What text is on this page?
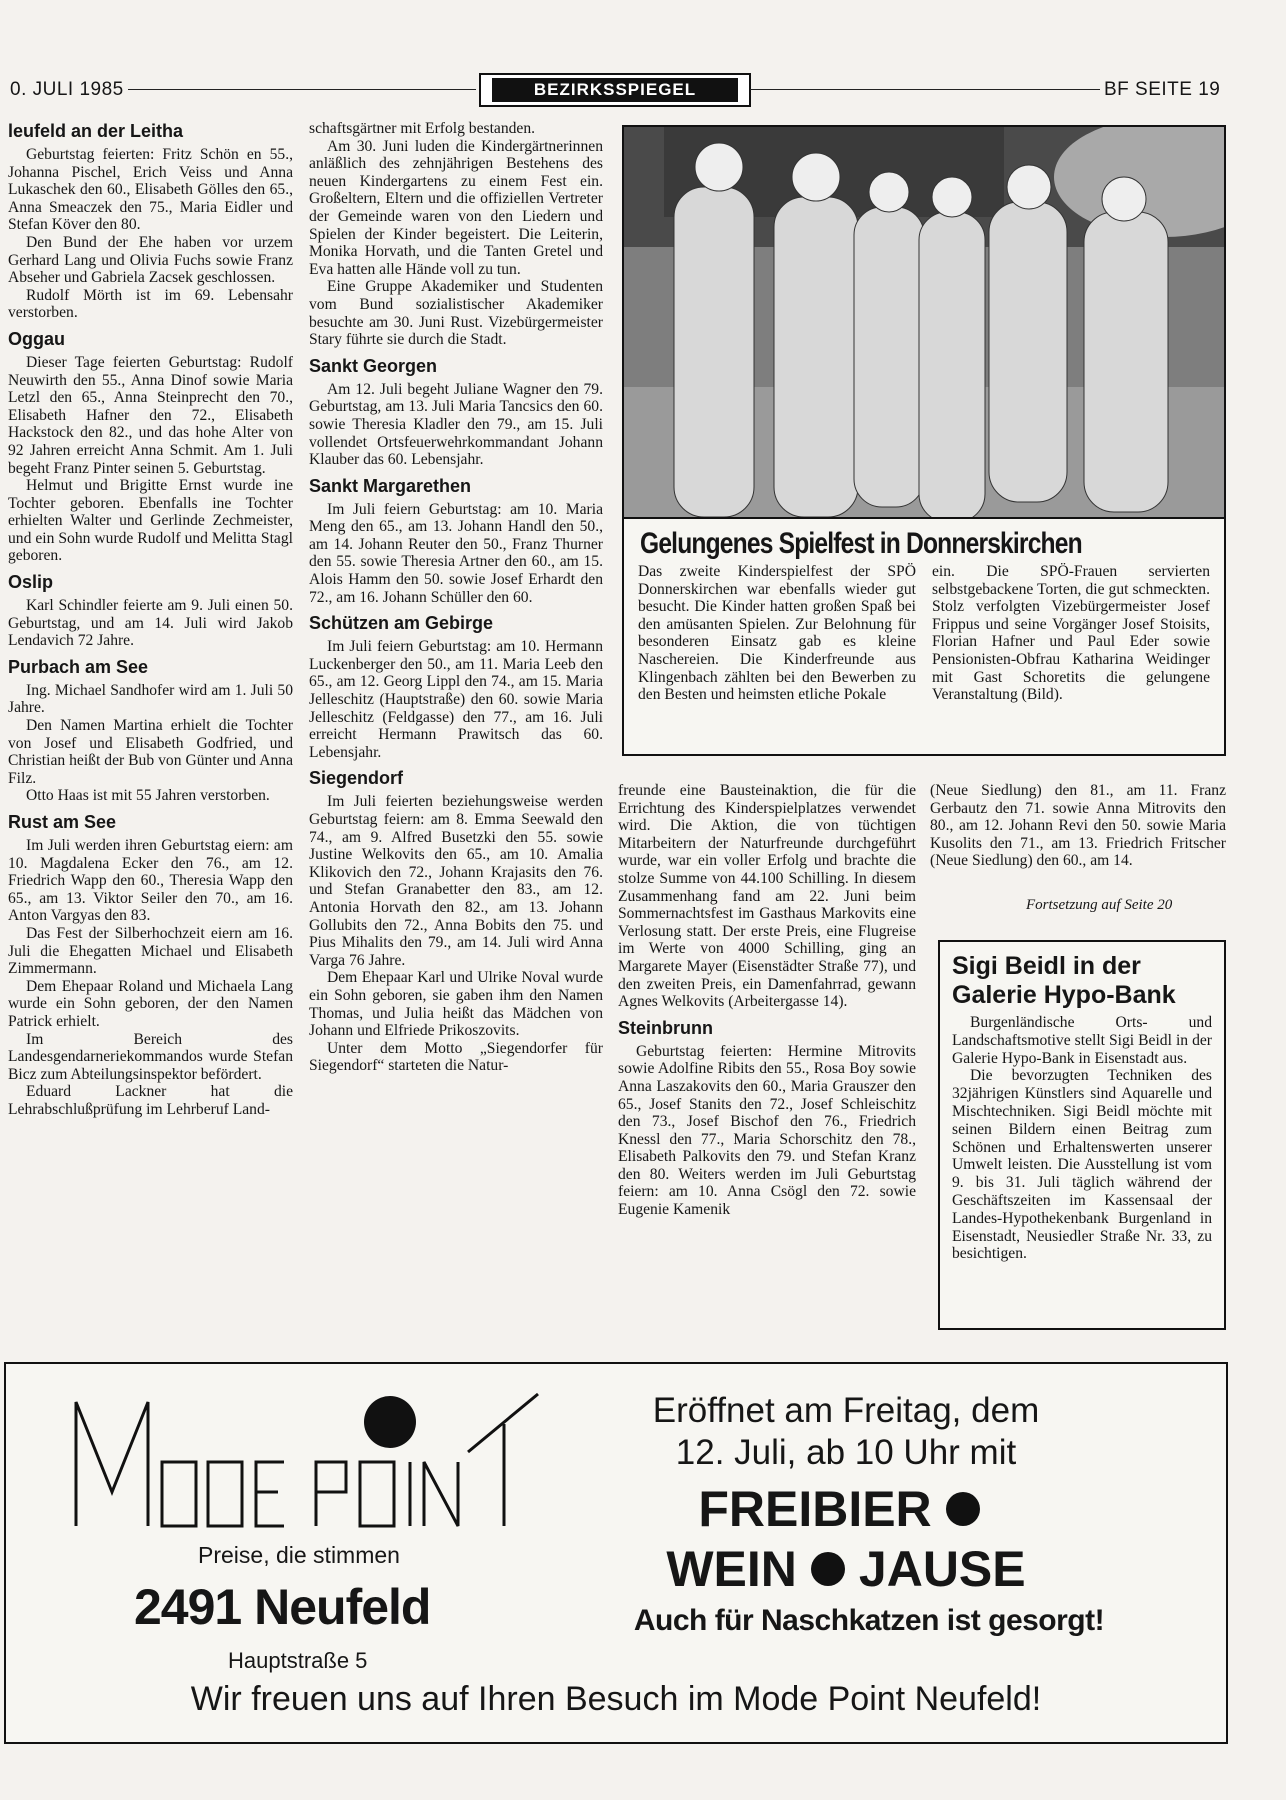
0. JULI 1985	BEZIRKSSPIEGEL	BF SEITE 19
leufeld an der Leitha

Geburtstag feierten: Fritz Schön en 55., Johanna Pischel, Erich Veiss und Anna Lukaschek den 60., Elisabeth Gölles den 65., Anna Smeaczek den 75., Maria Eidler und Stefan Köver den 80.

Den Bund der Ehe haben vor urzem Gerhard Lang und Olivia Fuchs sowie Franz Abseher und Gabriela Zacsek geschlossen.

Rudolf Mörth ist im 69. Lebensahr verstorben.

Oggau

Dieser Tage feierten Geburtstag: Rudolf Neuwirth den 55., Anna Dinof sowie Maria Letzl den 65., Anna Steinprecht den 70., Elisabeth Hafner den 72., Elisabeth Hackstock den 82., und das hohe Alter von 92 Jahren erreicht Anna Schmit. Am 1. Juli begeht Franz Pinter seinen 5. Geburtstag.

Helmut und Brigitte Ernst wurde ine Tochter geboren. Ebenfalls ine Tochter erhielten Walter und Gerlinde Zechmeister, und ein Sohn wurde Rudolf und Melitta Stagl geboren.

Oslip

Karl Schindler feierte am 9. Juli einen 50. Geburtstag, und am 14. Juli wird Jakob Lendavich 72 Jahre.

Purbach am See

Ing. Michael Sandhofer wird am 1. Juli 50 Jahre.

Den Namen Martina erhielt die Tochter von Josef und Elisabeth Godfried, und Christian heißt der Bub von Günter und Anna Filz.

Otto Haas ist mit 55 Jahren verstorben.

Rust am See

Im Juli werden ihren Geburtstag eiern: am 10. Magdalena Ecker den 76., am 12. Friedrich Wapp den 60., Theresia Wapp den 65., am 13. Viktor Seiler den 70., am 16. Anton Vargyas den 83.

Das Fest der Silberhochzeit eiern am 16. Juli die Ehegatten Michael und Elisabeth Zimmermann.

Dem Ehepaar Roland und Michaela Lang wurde ein Sohn geboren, der den Namen Patrick erhielt.

Im Bereich des Landesgendarneriekommandos wurde Stefan Bicz zum Abteilungsinspektor befördert.

Eduard Lackner hat die Lehrabschlußprüfung im Lehrberuf Land-

schaftsgärtner mit Erfolg bestanden.

Am 30. Juni luden die Kindergärtnerinnen anläßlich des zehnjährigen Bestehens des neuen Kindergartens zu einem Fest ein. Großeltern, Eltern und die offiziellen Vertreter der Gemeinde waren von den Liedern und Spielen der Kinder begeistert. Die Leiterin, Monika Horvath, und die Tanten Gretel und Eva hatten alle Hände voll zu tun.

Eine Gruppe Akademiker und Studenten vom Bund sozialistischer Akademiker besuchte am 30. Juni Rust. Vizebürgermeister Stary führte sie durch die Stadt.

Sankt Georgen

Am 12. Juli begeht Juliane Wagner den 79. Geburtstag, am 13. Juli Maria Tancsics den 60. sowie Theresia Kladler den 79., am 15. Juli vollendet Ortsfeuerwehrkommandant Johann Klauber das 60. Lebensjahr.

Sankt Margarethen

Im Juli feiern Geburtstag: am 10. Maria Meng den 65., am 13. Johann Handl den 50., am 14. Johann Reuter den 50., Franz Thurner den 55. sowie Theresia Artner den 60., am 15. Alois Hamm den 50. sowie Josef Erhardt den 72., am 16. Johann Schüller den 60.

Schützen am Gebirge

Im Juli feiern Geburtstag: am 10. Hermann Luckenberger den 50., am 11. Maria Leeb den 65., am 12. Georg Lippl den 74., am 15. Maria Jelleschitz (Hauptstraße) den 60. sowie Maria Jelleschitz (Feldgasse) den 77., am 16. Juli erreicht Hermann Prawitsch das 60. Lebensjahr.

Siegendorf

Im Juli feierten beziehungsweise werden Geburtstag feiern: am 8. Emma Seewald den 74., am 9. Alfred Busetzki den 55. sowie Justine Welkovits den 65., am 10. Amalia Klikovich den 72., Johann Krajasits den 76. und Stefan Granabetter den 83., am 12. Antonia Horvath den 82., am 13. Johann Gollubits den 72., Anna Bobits den 75. und Pius Mihalits den 79., am 14. Juli wird Anna Varga 76 Jahre.

Dem Ehepaar Karl und Ulrike Noval wurde ein Sohn geboren, sie gaben ihm den Namen Thomas, und Julia heißt das Mädchen von Johann und Elfriede Prikoszovits.

Unter dem Motto „Siegendorfer für Siegendorf“ starteten die Natur-

Gelungenes Spielfest in Donnerskirchen

Das zweite Kinderspielfest der SPÖ Donnerskirchen war ebenfalls wieder gut besucht. Die Kinder hatten großen Spaß bei den amüsanten Spielen. Zur Belohnung für besonderen Einsatz gab es kleine Naschereien. Die Kinderfreunde aus Klingenbach zählten bei den Bewerben zu den Besten und heimsten etliche Pokale

ein. Die SPÖ-Frauen servierten selbstgebackene Torten, die gut schmeckten. Stolz verfolgten Vizebürgermeister Josef Frippus und seine Vorgänger Josef Stoisits, Florian Hafner und Paul Eder sowie Pensionisten-Obfrau Katharina Weidinger mit Gast Schoretits die gelungene Veranstaltung (Bild).

freunde eine Bausteinaktion, die für die Errichtung des Kinderspielplatzes verwendet wird. Die Aktion, die von tüchtigen Mitarbeitern der Naturfreunde durchgeführt wurde, war ein voller Erfolg und brachte die stolze Summe von 44.100 Schilling. In diesem Zusammenhang fand am 22. Juni beim Sommernachtsfest im Gasthaus Markovits eine Verlosung statt. Der erste Preis, eine Flugreise im Werte von 4000 Schilling, ging an Margarete Mayer (Eisenstädter Straße 77), und den zweiten Preis, ein Damenfahrrad, gewann Agnes Welkovits (Arbeitergasse 14).

Steinbrunn

Geburtstag feierten: Hermine Mitrovits sowie Adolfine Ribits den 55., Rosa Boy sowie Anna Laszakovits den 60., Maria Grauszer den 65., Josef Stanits den 72., Josef Schleischitz den 73., Josef Bischof den 76., Friedrich Knessl den 77., Maria Schorschitz den 78., Elisabeth Palkovits den 79. und Stefan Kranz den 80. Weiters werden im Juli Geburtstag feiern: am 10. Anna Csögl den 72. sowie Eugenie Kamenik

(Neue Siedlung) den 81., am 11. Franz Gerbautz den 71. sowie Anna Mitrovits den 80., am 12. Johann Revi den 50. sowie Maria Kusolits den 71., am 13. Friedrich Fritscher (Neue Siedlung) den 60., am 14.

Fortsetzung auf Seite 20
Sigi Beidl in der Galerie Hypo-Bank

Burgenländische Orts- und Landschaftsmotive stellt Sigi Beidl in der Galerie Hypo-Bank in Eisenstadt aus.

Die bevorzugten Techniken des 32jährigen Künstlers sind Aquarelle und Mischtechniken. Sigi Beidl möchte mit seinen Bildern einen Beitrag zum Schönen und Erhaltenswerten unserer Umwelt leisten. Die Ausstellung ist vom 9. bis 31. Juli täglich während der Geschäftszeiten im Kassensaal der Landes-Hypothekenbank Burgenland in Eisenstadt, Neusiedler Straße Nr. 33, zu besichtigen.

Preise, die stimmen
2491 Neufeld
Hauptstraße 5
Eröffnet am Freitag, dem 12. Juli, ab 10 Uhr mit
FREIBIER
WEIN JAUSE
Auch für Naschkatzen ist gesorgt!
Wir freuen uns auf Ihren Besuch im Mode Point Neufeld!
